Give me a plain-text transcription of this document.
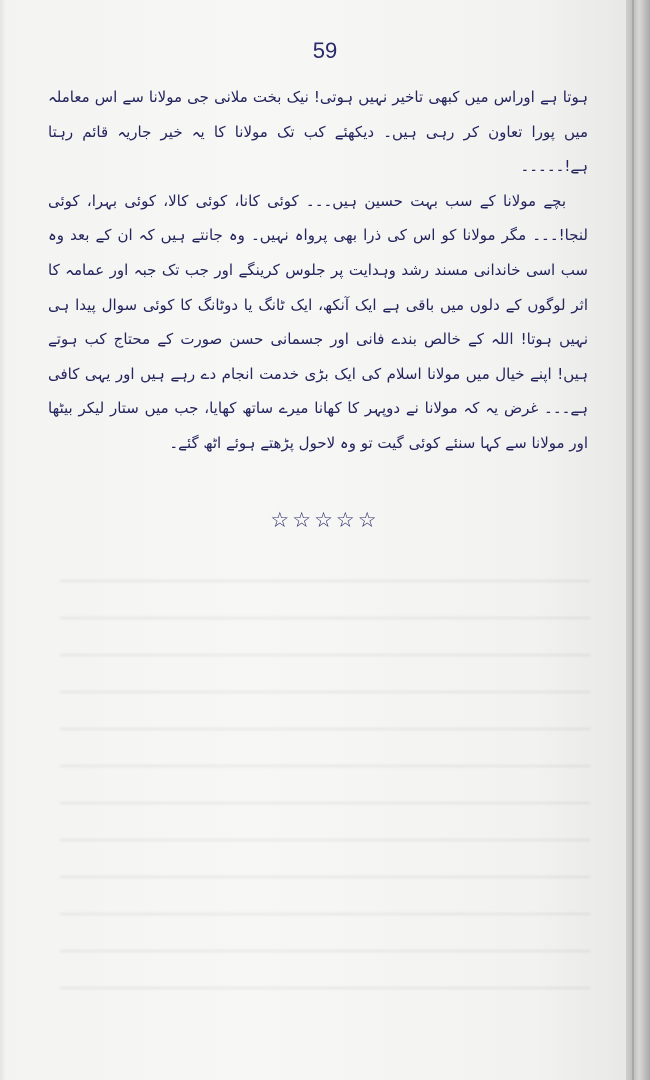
59

ہوتا ہے اوراس میں کبھی تاخیر نہیں ہوتی! نیک بخت ملانی جی مولانا سے اس معاملہ میں پورا تعاون کر رہی ہیں۔ دیکھئے کب تک مولانا کا یہ خیر جاریہ قائم رہتا ہے!۔۔۔۔۔

بچے مولانا کے سب بہت حسین ہیں۔۔۔ کوئی کانا، کوئی کالا، کوئی بہرا، کوئی لنجا!۔۔۔ مگر مولانا کو اس کی ذرا بھی پرواہ نہیں۔ وہ جانتے ہیں کہ ان کے بعد وہ سب اسی خاندانی مسند رشد وہدایت پر جلوس کرینگے اور جب تک جبہ اور عمامہ کا اثر لوگوں کے دلوں میں باقی ہے ایک آنکھ، ایک ٹانگ یا دوٹانگ کا کوئی سوال پیدا ہی نہیں ہوتا! اللہ کے خالص بندے فانی اور جسمانی حسن صورت کے محتاج کب ہوتے ہیں! اپنے خیال میں مولانا اسلام کی ایک بڑی خدمت انجام دے رہے ہیں اور یہی کافی ہے۔۔۔ غرض یہ کہ مولانا نے دوپہر کا کھانا میرے ساتھ کھایا، جب میں ستار لیکر بیٹھا اور مولانا سے کہا سنئے کوئی گیت تو وہ لاحول پڑھتے ہوئے اٹھ گئے۔

☆☆☆☆☆
